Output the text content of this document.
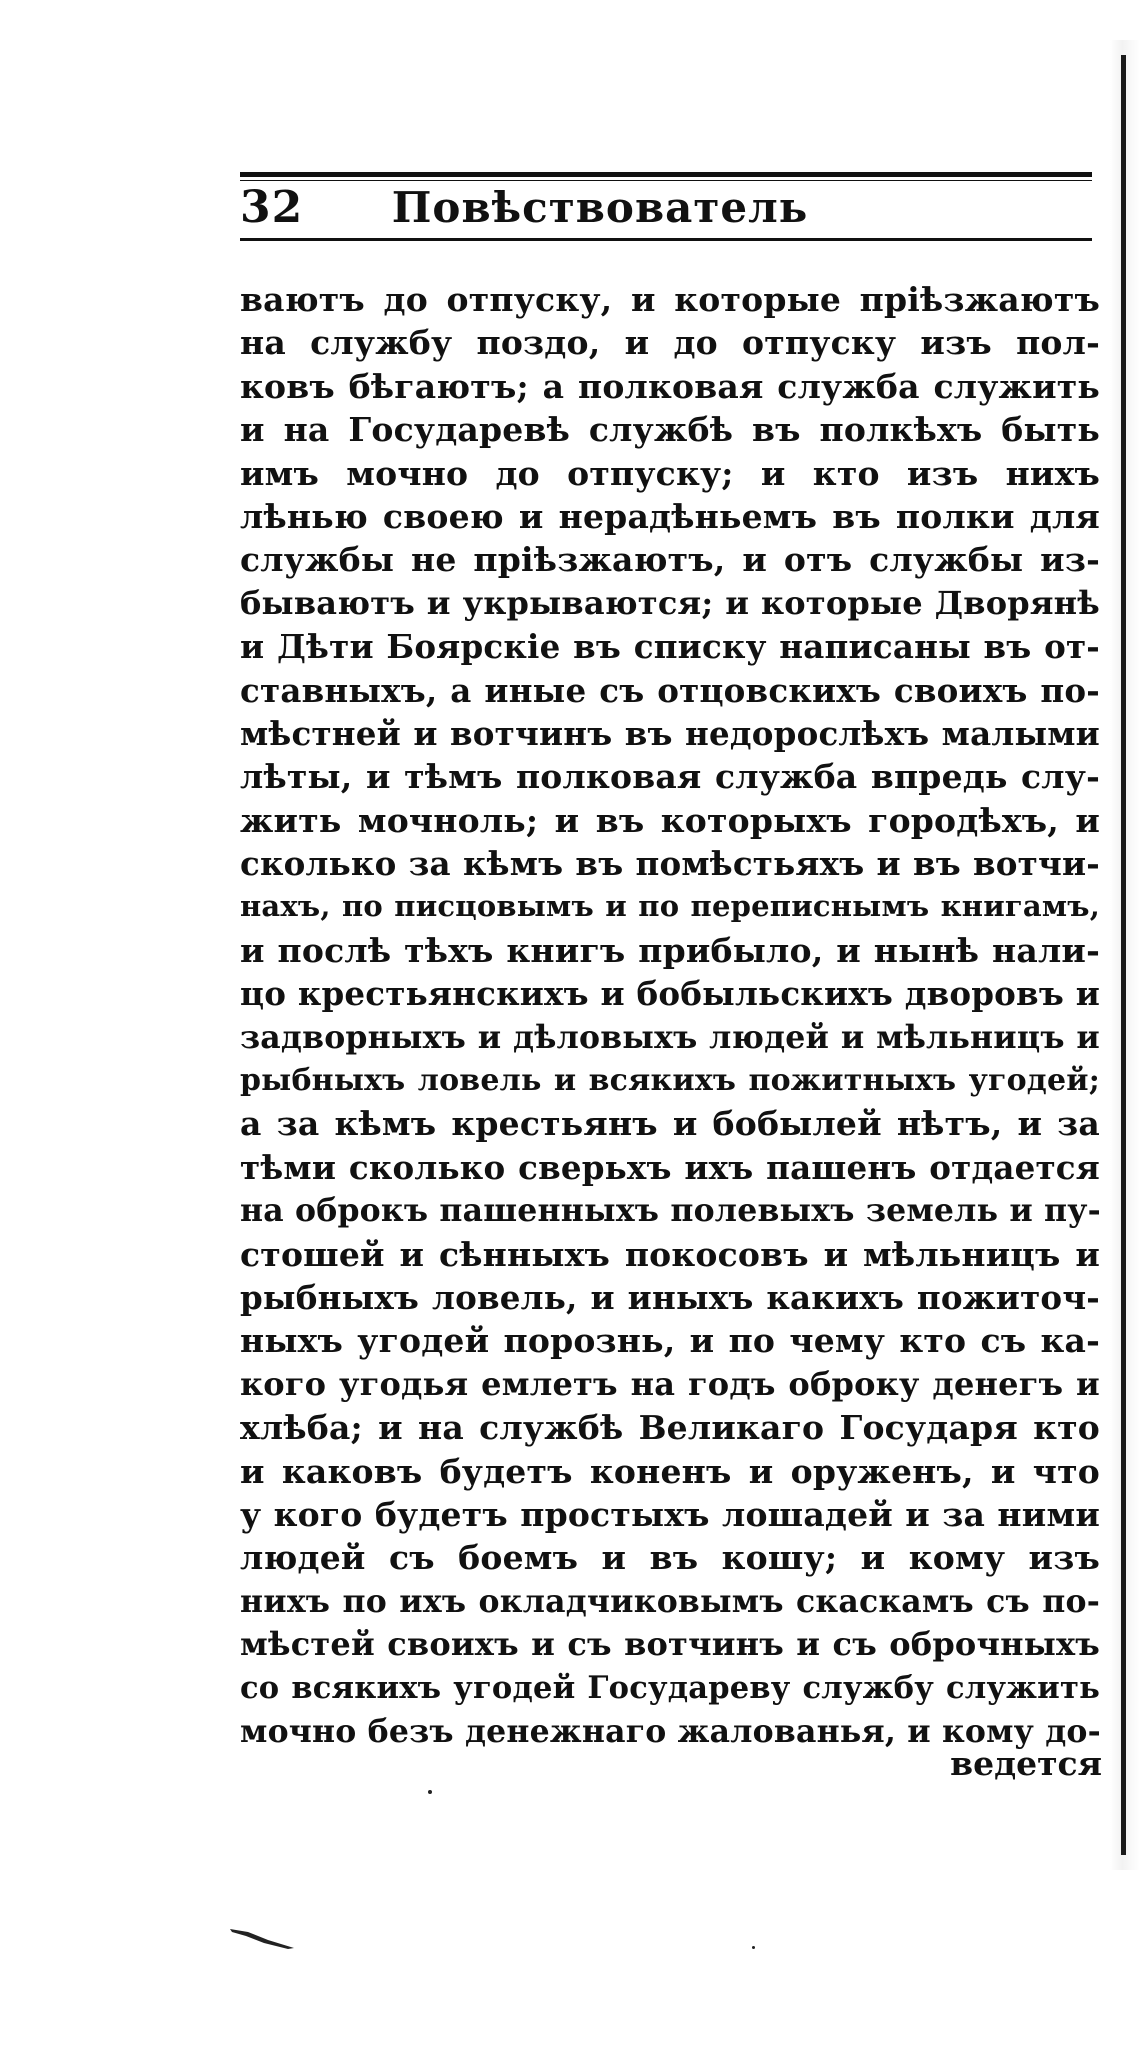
32	Повѣствователь
ваютъ до отпуску, и которые пріѣзжаютъ
на службу поздо, и до отпуску изъ пол-
ковъ бѣгаютъ; а полковая служба служить
и на Государевѣ службѣ въ полкѣхъ быть
имъ мочно до отпуску; и кто изъ нихъ
лѣнью своею и нерадѣньемъ въ полки для
службы не пріѣзжаютъ, и отъ службы из-
бываютъ и укрываются; и которые Дворянѣ
и Дѣти Боярскіе въ списку написаны въ от-
ставныхъ, а иные съ отцовскихъ своихъ по-
мѣстней и вотчинъ въ недорослѣхъ малыми
лѣты, и тѣмъ полковая служба впредь слу-
жить мочноль; и въ которыхъ городѣхъ, и
сколько за кѣмъ въ помѣстьяхъ и въ вотчи-
нахъ, по писцовымъ и по переписнымъ книгамъ,
и послѣ тѣхъ книгъ прибыло, и нынѣ нали-
цо крестьянскихъ и бобыльскихъ дворовъ и
задворныхъ и дѣловыхъ людей и мѣльницъ и
рыбныхъ ловель и всякихъ пожитныхъ угодей;
а за кѣмъ крестьянъ и бобылей нѣтъ, и за
тѣми сколько сверьхъ ихъ пашенъ отдается
на оброкъ пашенныхъ полевыхъ земель и пу-
стошей и сѣнныхъ покосовъ и мѣльницъ и
рыбныхъ ловель, и иныхъ какихъ пожиточ-
ныхъ угодей порознь, и по чему кто съ ка-
кого угодья емлетъ на годъ оброку денегъ и
хлѣба; и на службѣ Великаго Государя кто
и каковъ будетъ коненъ и оруженъ, и что
у кого будетъ простыхъ лошадей и за ними
людей съ боемъ и въ кошу; и кому изъ
нихъ по ихъ окладчиковымъ скаскамъ съ по-
мѣстей своихъ и съ вотчинъ и съ оброчныхъ
со всякихъ угодей Государеву службу служить
мочно безъ денежнаго жалованья, и кому до-
ведется
